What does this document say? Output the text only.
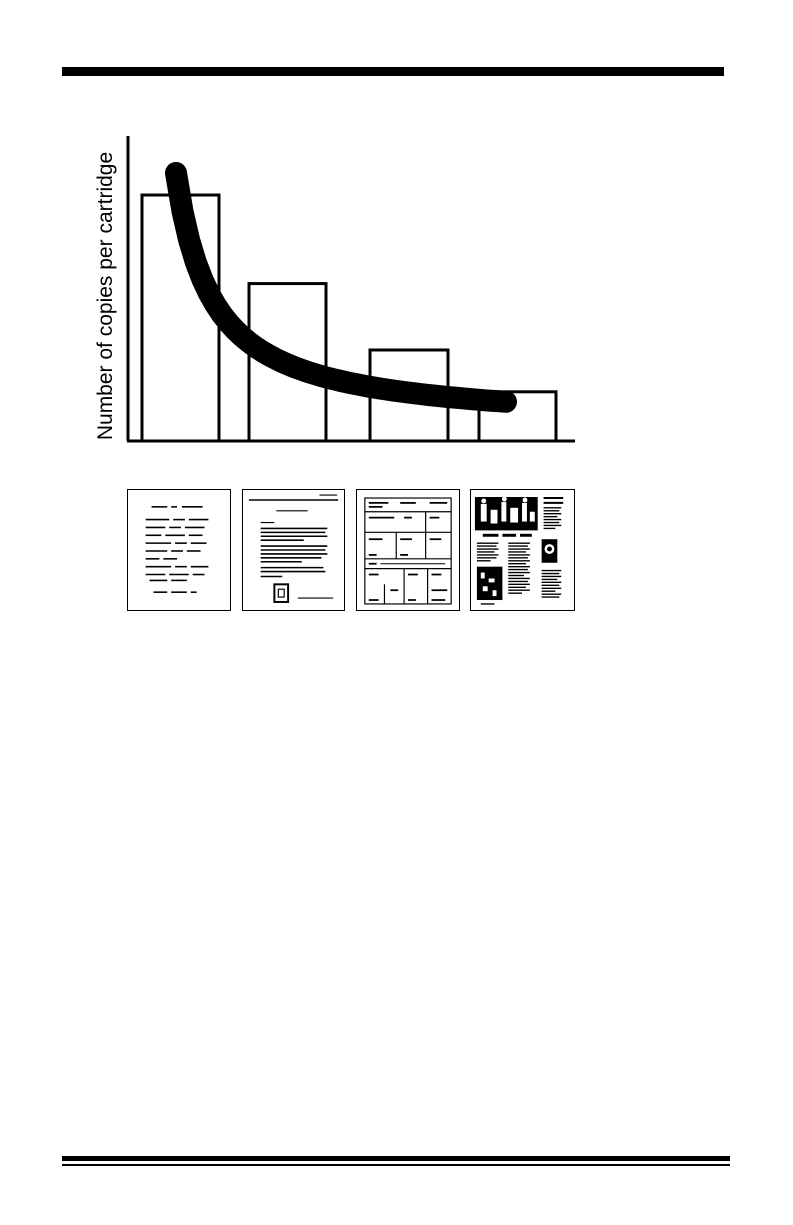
Number of copies per cartridge
